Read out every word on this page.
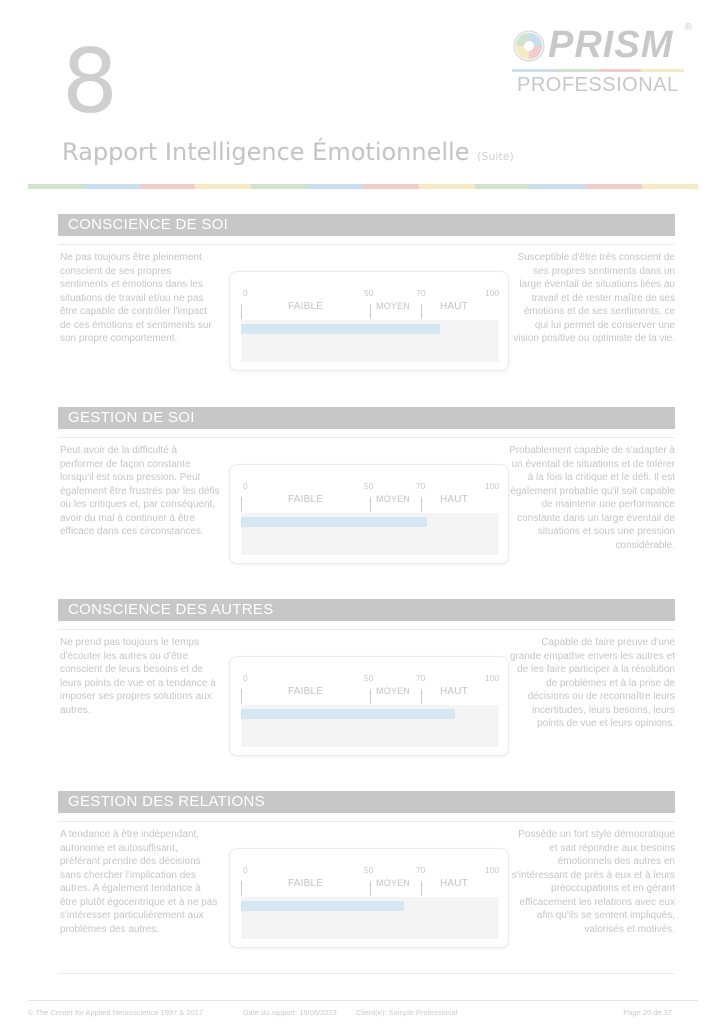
8	PRISM ®
PROFESSIONAL
Rapport Intelligence Émotionnelle (Suite)
CONSCIENCE DE SOI
Ne pas toujours être pleinement conscient de ses propres sentiments et émotions dans les situations de travail et/ou ne pas être capable de contrôler l'impact de ces émotions et sentiments sur son propre comportement.
Susceptible d'être très conscient de ses propres sentiments dans un large éventail de situations liées au travail et de rester maître de ses émotions et de ses sentiments, ce qui lui permet de conserver une vision positive ou optimiste de la vie.
0	50	70	100
FAIBLE	MOYEN	HAUT
GESTION DE SOI
Peut avoir de la difficulté à performer de façon constante lorsqu'il est sous pression. Peut également être frustrés par les défis ou les critiques et, par conséquent, avoir du mal à continuer à être efficace dans ces circonstances.
Probablement capable de s'adapter à un éventail de situations et de tolérer à la fois la critique et le défi. Il est également probable qu'il soit capable de maintenir une performance constante dans un large éventail de situations et sous une pression considérable.
0	50	70	100
FAIBLE	MOYEN	HAUT
CONSCIENCE DES AUTRES
Ne prend pas toujours le temps d'écouter les autres ou d'être conscient de leurs besoins et de leurs points de vue et a tendance à imposer ses propres solutions aux autres.
Capable de faire preuve d'une grande empathie envers les autres et de les faire participer à la résolution de problèmes et à la prise de décisions ou de reconnaître leurs incertitudes, leurs besoins, leurs points de vue et leurs opinions.
0	50	70	100
FAIBLE	MOYEN	HAUT
GESTION DES RELATIONS
A tendance à être indépendant, autonome et autosuffisant, préférant prendre des décisions sans chercher l'implication des autres. A également tendance à être plutôt égocentrique et à ne pas s'intéresser particulièrement aux problèmes des autres.
Possède un fort style démocratique et sait répondre aux besoins émotionnels des autres en s'intéressant de près à eux et à leurs préoccupations et en gérant efficacement les relations avec eux afin qu'ils se sentent impliqués, valorisés et motivés.
0	50	70	100
FAIBLE	MOYEN	HAUT
© The Center for Applied Neuroscience 1997 & 2017	Date du rapport: 15/06/2023	Client(e): Sample Professional	Page 20 de 37
